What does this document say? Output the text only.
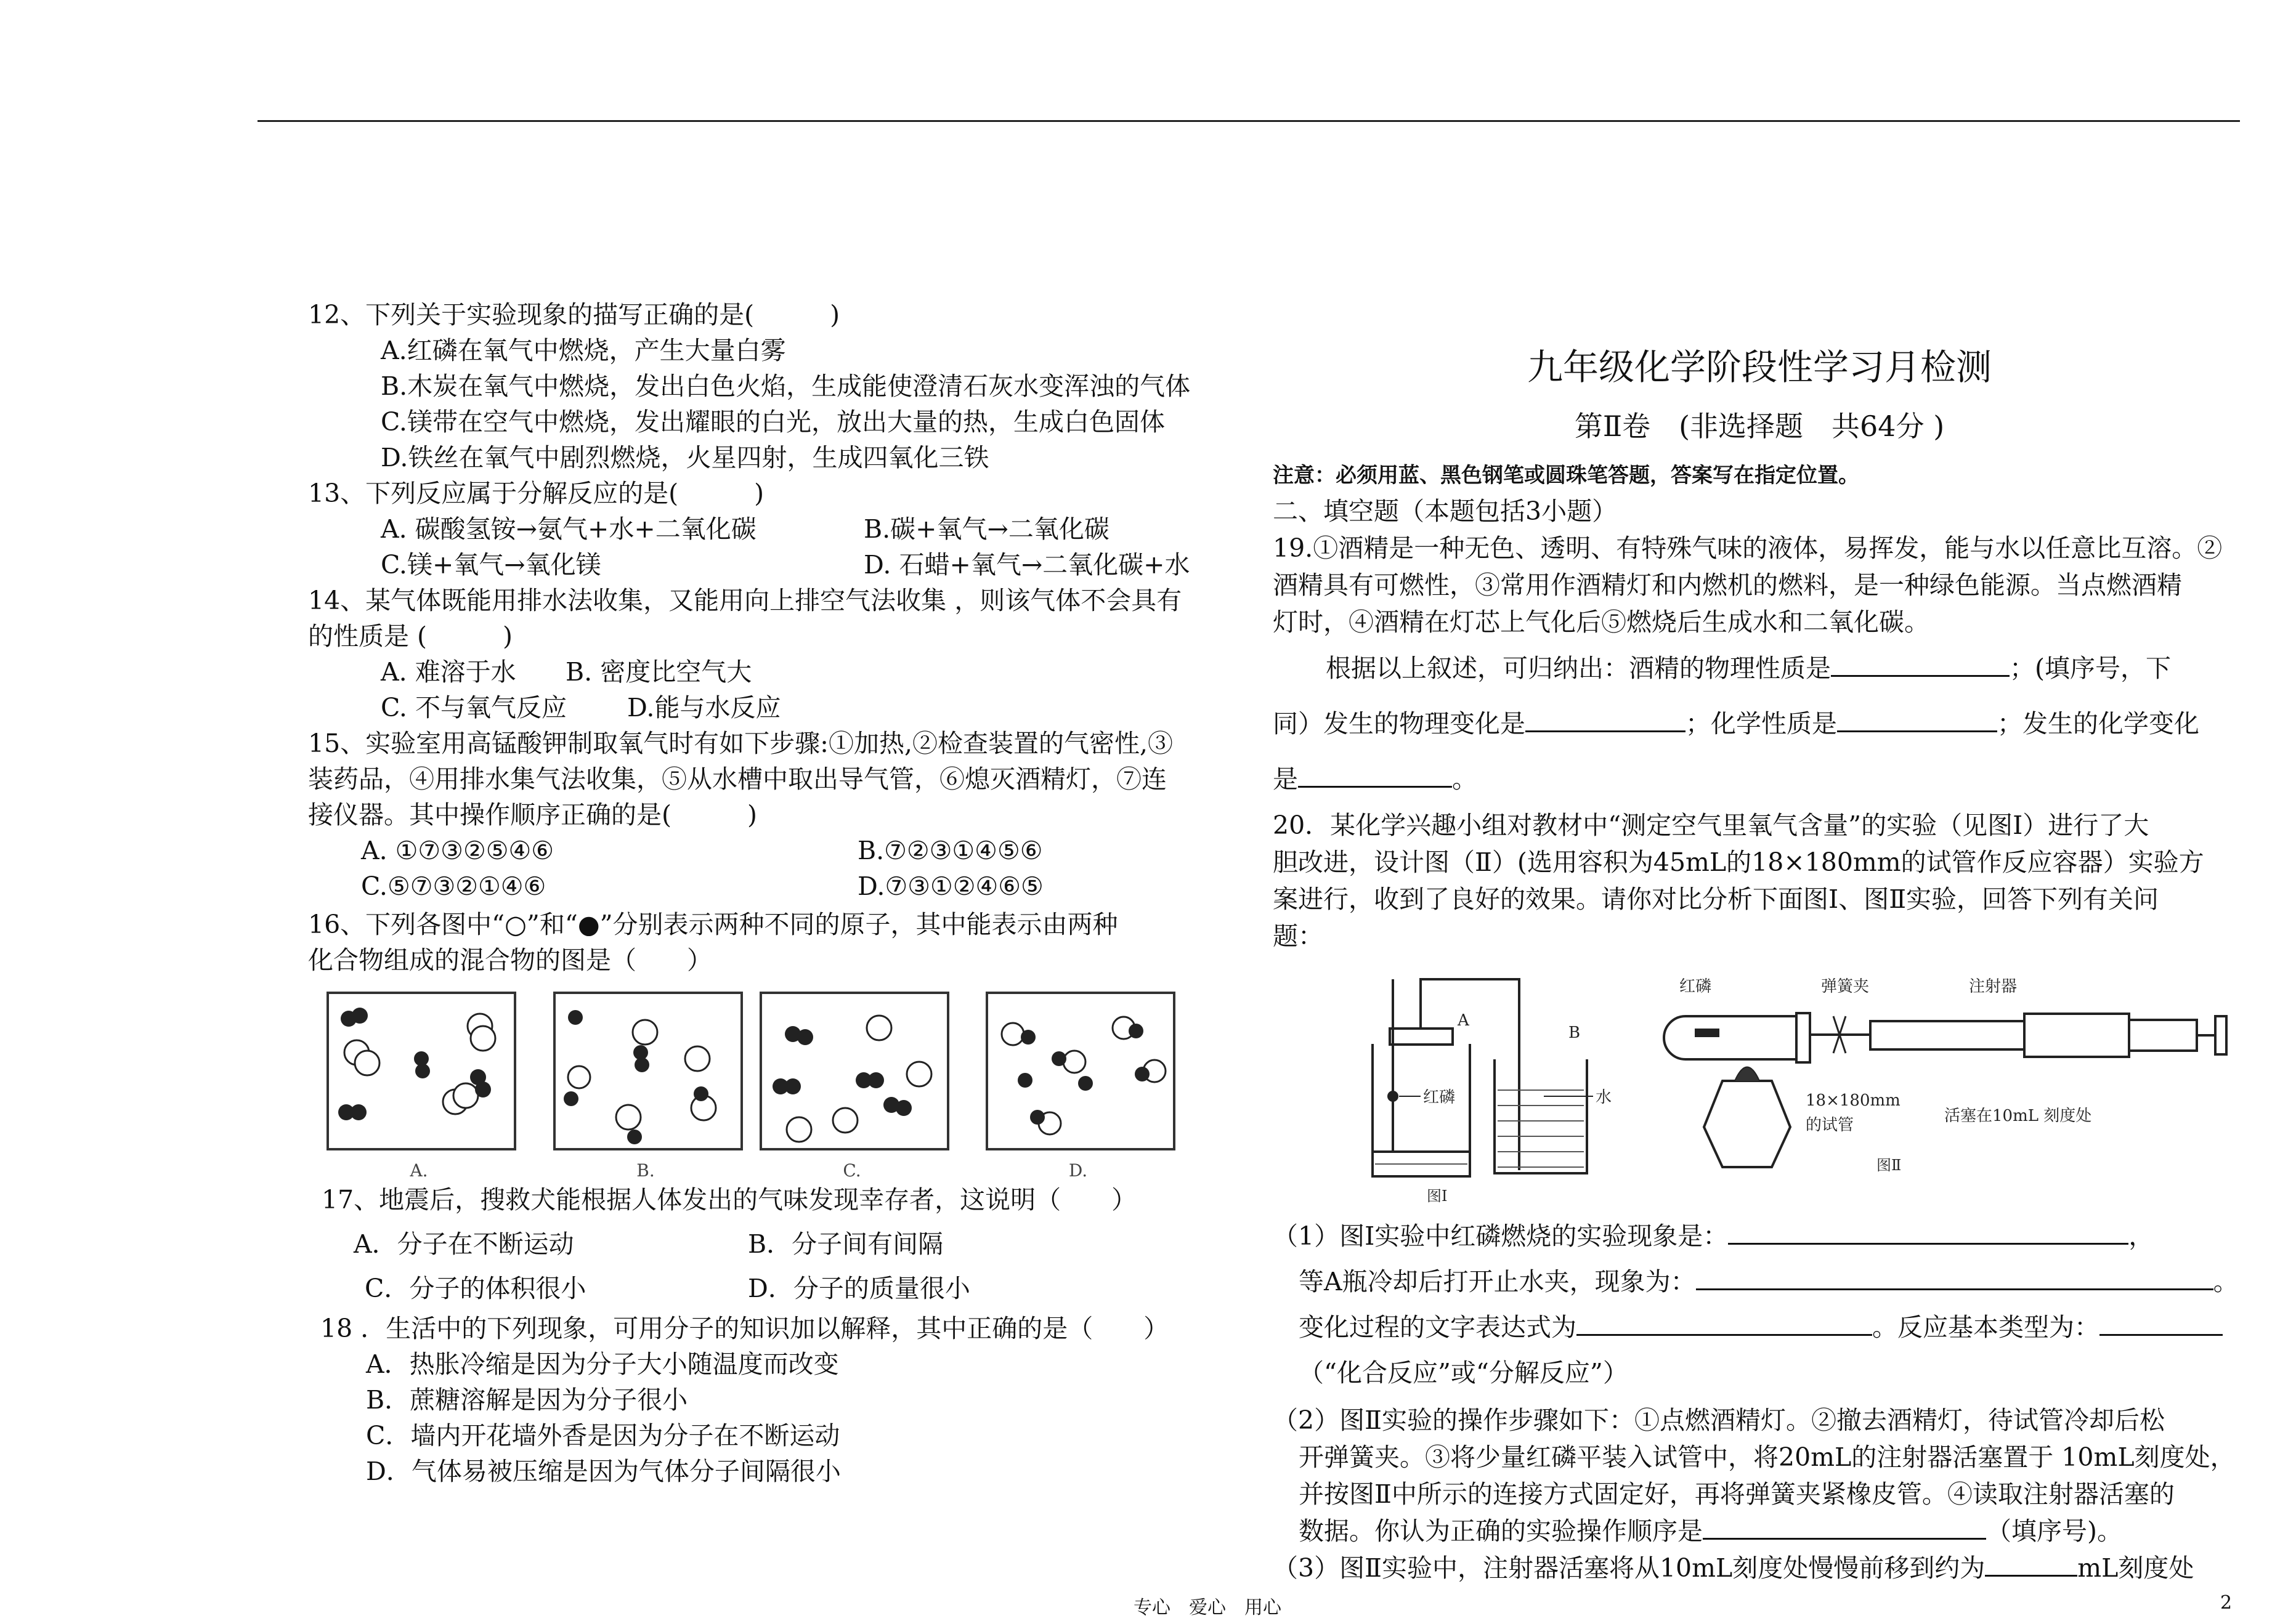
12、下列关于实验现象的描写正确的是(　　　)
A.红磷在氧气中燃烧，产生大量白雾
B.木炭在氧气中燃烧，发出白色火焰，生成能使澄清石灰水变浑浊的气体
C.镁带在空气中燃烧，发出耀眼的白光，放出大量的热，生成白色固体
D.铁丝在氧气中剧烈燃烧，火星四射，生成四氧化三铁
13、下列反应属于分解反应的是(　　　)
A. 碳酸氢铵→氨气+水+二氧化碳	B.碳+氧气→二氧化碳
C.镁+氧气→氧化镁	D. 石蜡+氧气→二氧化碳+水
14、某气体既能用排水法收集，又能用向上排空气法收集 ，则该气体不会具有
的性质是 (　　　)
A. 难溶于水	B. 密度比空气大
C. 不与氧气反应	D.能与水反应
15、实验室用高锰酸钾制取氧气时有如下步骤:①加热,②检查装置的气密性,③
装药品，④用排水集气法收集，⑤从水槽中取出导气管，⑥熄灭酒精灯，⑦连
接仪器。其中操作顺序正确的是(　　　)
A. ①⑦③②⑤④⑥	B.⑦②③①④⑤⑥
C.⑤⑦③②①④⑥	D.⑦③①②④⑥⑤
16、下列各图中“○”和“●”分别表示两种不同的原子，其中能表示由两种
化合物组成的混合物的图是（　　）
A.	B.	C.	D.
17、地震后，搜救犬能根据人体发出的气味发现幸存者，这说明（　　）
A．分子在不断运动	B．分子间有间隔
C．分子的体积很小	D．分子的质量很小
18 ．生活中的下列现象，可用分子的知识加以解释，其中正确的是（　　）
A．热胀冷缩是因为分子大小随温度而改变
B．蔗糖溶解是因为分子很小
C．墙内开花墙外香是因为分子在不断运动
D．气体易被压缩是因为气体分子间隔很小
九年级化学阶段性学习月检测
第Ⅱ卷　(非选择题　共64分 )
注意：必须用蓝、黑色钢笔或圆珠笔答题，答案写在指定位置。
二、填空题（本题包括3小题）
19.①酒精是一种无色、透明、有特殊气味的液体，易挥发，能与水以任意比互溶。②
酒精具有可燃性，③常用作酒精灯和内燃机的燃料，是一种绿色能源。当点燃酒精
灯时，④酒精在灯芯上气化后⑤燃烧后生成水和二氧化碳。
根据以上叙述，可归纳出：酒精的物理性质是	；(填序号，下
同）发生的物理变化是	；化学性质是	；发生的化学变化
是	。
20．某化学兴趣小组对教材中“测定空气里氧气含量”的实验（见图Ⅰ）进行了大
胆改进，设计图（Ⅱ）(选用容积为45mL的18×180mm的试管作反应容器）实验方
案进行，收到了良好的效果。请你对比分析下面图Ⅰ、图Ⅱ实验，回答下列有关问
题：
A
B
红磷	水
图Ⅰ
红磷	弹簧夹	注射器
18×180mm
的试管	活塞在10mL 刻度处
图Ⅱ
（1）图Ⅰ实验中红磷燃烧的实验现象是：	，
等A瓶冷却后打开止水夹，现象为：	。
变化过程的文字表达式为	。反应基本类型为：
（“化合反应”或“分解反应”）
（2）图Ⅱ实验的操作步骤如下：①点燃酒精灯。②撤去酒精灯，待试管冷却后松
开弹簧夹。③将少量红磷平装入试管中，将20mL的注射器活塞置于 10mL刻度处，
并按图Ⅱ中所示的连接方式固定好，再将弹簧夹紧橡皮管。④读取注射器活塞的
数据。你认为正确的实验操作顺序是	（填序号)。
（3）图Ⅱ实验中，注射器活塞将从10mL刻度处慢慢前移到约为	mL刻度处
专心　爱心　用心	2
